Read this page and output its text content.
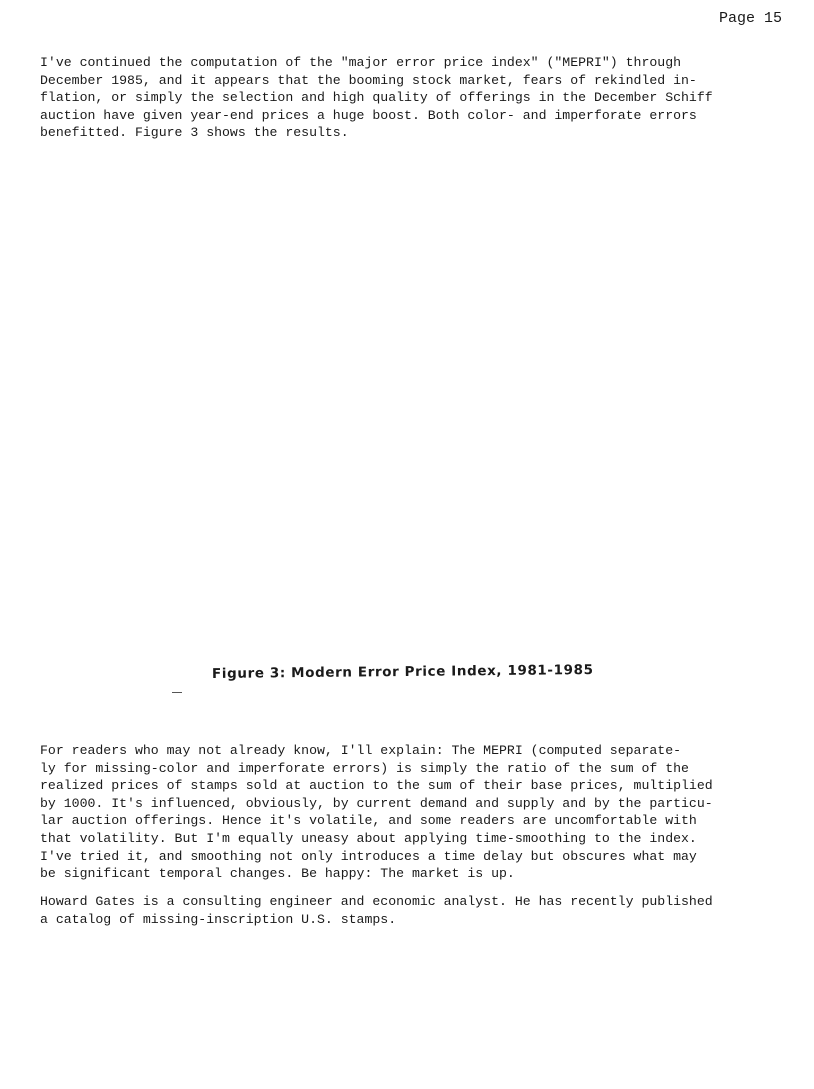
Page 15

I've continued the computation of the "major error price index" ("MEPRI") through
December 1985, and it appears that the booming stock market, fears of rekindled in-
flation, or simply the selection and high quality of offerings in the December Schiff
auction have given year-end prices a huge boost. Both color- and imperforate errors
benefitted. Figure 3 shows the results.

Figure 3: Modern Error Price Index, 1981-1985

For readers who may not already know, I'll explain: The MEPRI (computed separate-
ly for missing-color and imperforate errors) is simply the ratio of the sum of the
realized prices of stamps sold at auction to the sum of their base prices, multiplied
by 1000. It's influenced, obviously, by current demand and supply and by the particu-
lar auction offerings. Hence it's volatile, and some readers are uncomfortable with
that volatility. But I'm equally uneasy about applying time-smoothing to the index.
I've tried it, and smoothing not only introduces a time delay but obscures what may
be significant temporal changes. Be happy: The market is up.

Howard Gates is a consulting engineer and economic analyst. He has recently published
a catalog of missing-inscription U.S. stamps.
